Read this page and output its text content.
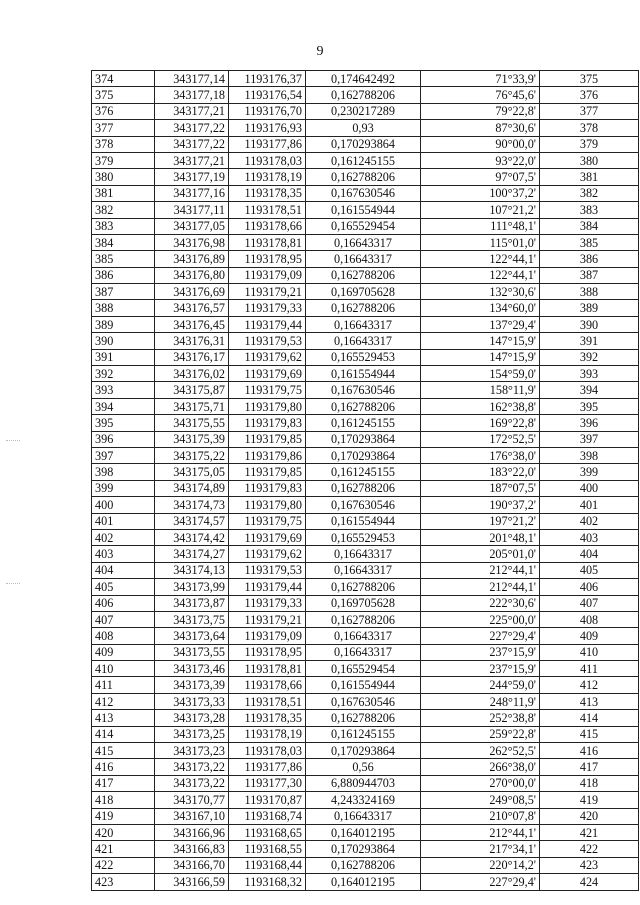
9
374	343177,14	1193176,37	0,174642492	71°33,9'	375
375	343177,18	1193176,54	0,162788206	76°45,6'	376
376	343177,21	1193176,70	0,230217289	79°22,8'	377
377	343177,22	1193176,93	0,93	87°30,6'	378
378	343177,22	1193177,86	0,170293864	90°00,0'	379
379	343177,21	1193178,03	0,161245155	93°22,0'	380
380	343177,19	1193178,19	0,162788206	97°07,5'	381
381	343177,16	1193178,35	0,167630546	100°37,2'	382
382	343177,11	1193178,51	0,161554944	107°21,2'	383
383	343177,05	1193178,66	0,165529454	111°48,1'	384
384	343176,98	1193178,81	0,16643317	115°01,0'	385
385	343176,89	1193178,95	0,16643317	122°44,1'	386
386	343176,80	1193179,09	0,162788206	122°44,1'	387
387	343176,69	1193179,21	0,169705628	132°30,6'	388
388	343176,57	1193179,33	0,162788206	134°60,0'	389
389	343176,45	1193179,44	0,16643317	137°29,4'	390
390	343176,31	1193179,53	0,16643317	147°15,9'	391
391	343176,17	1193179,62	0,165529453	147°15,9'	392
392	343176,02	1193179,69	0,161554944	154°59,0'	393
393	343175,87	1193179,75	0,167630546	158°11,9'	394
394	343175,71	1193179,80	0,162788206	162°38,8'	395
395	343175,55	1193179,83	0,161245155	169°22,8'	396
396	343175,39	1193179,85	0,170293864	172°52,5'	397
397	343175,22	1193179,86	0,170293864	176°38,0'	398
398	343175,05	1193179,85	0,161245155	183°22,0'	399
399	343174,89	1193179,83	0,162788206	187°07,5'	400
400	343174,73	1193179,80	0,167630546	190°37,2'	401
401	343174,57	1193179,75	0,161554944	197°21,2'	402
402	343174,42	1193179,69	0,165529453	201°48,1'	403
403	343174,27	1193179,62	0,16643317	205°01,0'	404
404	343174,13	1193179,53	0,16643317	212°44,1'	405
405	343173,99	1193179,44	0,162788206	212°44,1'	406
406	343173,87	1193179,33	0,169705628	222°30,6'	407
407	343173,75	1193179,21	0,162788206	225°00,0'	408
408	343173,64	1193179,09	0,16643317	227°29,4'	409
409	343173,55	1193178,95	0,16643317	237°15,9'	410
410	343173,46	1193178,81	0,165529454	237°15,9'	411
411	343173,39	1193178,66	0,161554944	244°59,0'	412
412	343173,33	1193178,51	0,167630546	248°11,9'	413
413	343173,28	1193178,35	0,162788206	252°38,8'	414
414	343173,25	1193178,19	0,161245155	259°22,8'	415
415	343173,23	1193178,03	0,170293864	262°52,5'	416
416	343173,22	1193177,86	0,56	266°38,0'	417
417	343173,22	1193177,30	6,880944703	270°00,0'	418
418	343170,77	1193170,87	4,243324169	249°08,5'	419
419	343167,10	1193168,74	0,16643317	210°07,8'	420
420	343166,96	1193168,65	0,164012195	212°44,1'	421
421	343166,83	1193168,55	0,170293864	217°34,1'	422
422	343166,70	1193168,44	0,162788206	220°14,2'	423
423	343166,59	1193168,32	0,164012195	227°29,4'	424
